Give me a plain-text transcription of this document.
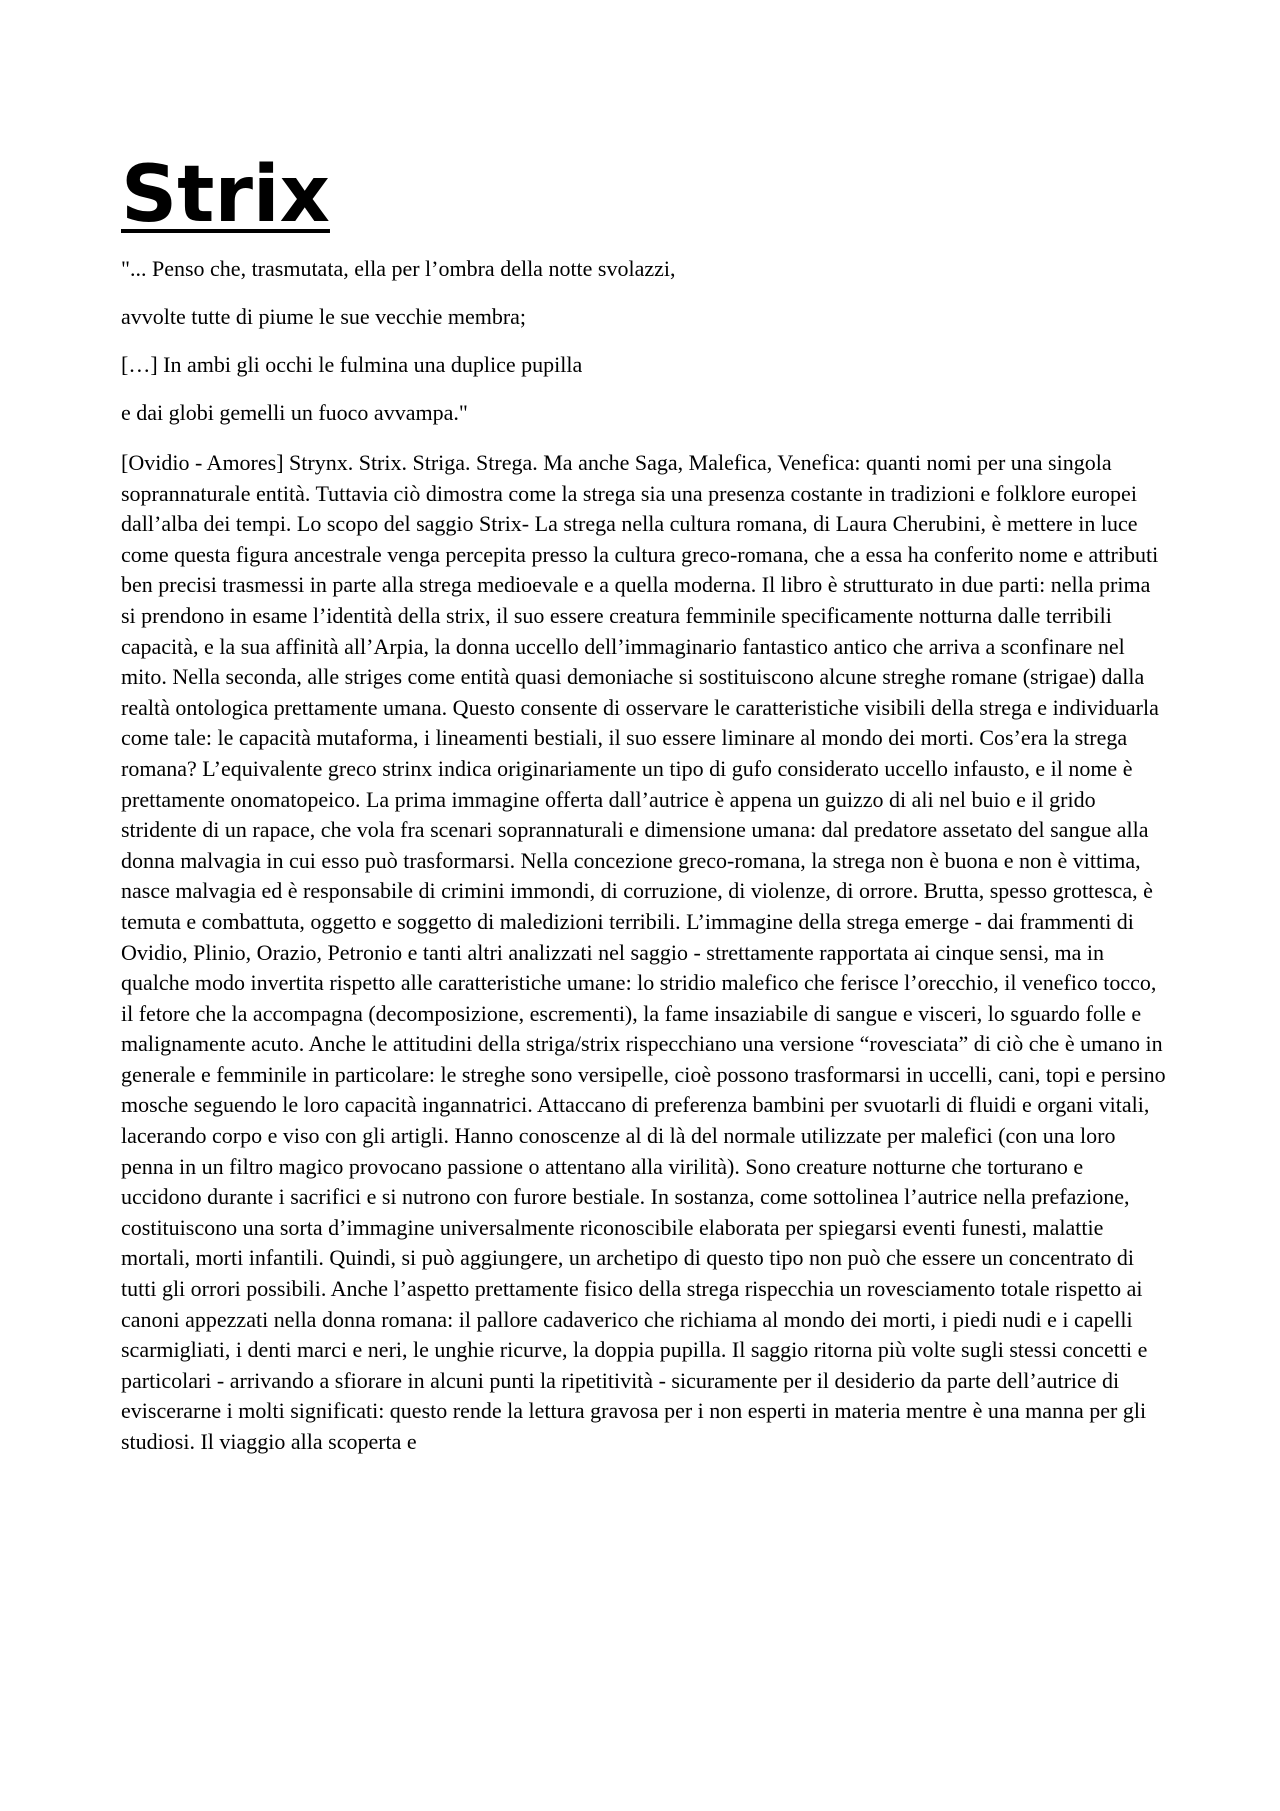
Strix

"... Penso che, trasmutata, ella per l’ombra della notte svolazzi,

avvolte tutte di piume le sue vecchie membra;

[…] In ambi gli occhi le fulmina una duplice pupilla

e dai globi gemelli un fuoco avvampa."

[Ovidio - Amores] Strynx. Strix. Striga. Strega. Ma anche Saga, Malefica, Venefica: quanti nomi per una singola soprannaturale entità. Tuttavia ciò dimostra come la strega sia una presenza costante in tradizioni e folklore europei dall’alba dei tempi. Lo scopo del saggio Strix- La strega nella cultura romana, di Laura Cherubini, è mettere in luce come questa figura ancestrale venga percepita presso la cultura greco-romana, che a essa ha conferito nome e attributi ben precisi trasmessi in parte alla strega medioevale e a quella moderna. Il libro è strutturato in due parti: nella prima si prendono in esame l’identità della strix, il suo essere creatura femminile specificamente notturna dalle terribili capacità, e la sua affinità all’Arpia, la donna uccello dell’immaginario fantastico antico che arriva a sconfinare nel mito. Nella seconda, alle striges come entità quasi demoniache si sostituiscono alcune streghe romane (strigae) dalla realtà ontologica prettamente umana. Questo consente di osservare le caratteristiche visibili della strega e individuarla come tale: le capacità mutaforma, i lineamenti bestiali, il suo essere liminare al mondo dei morti. Cos’era la strega romana? L’equivalente greco strinx indica originariamente un tipo di gufo considerato uccello infausto, e il nome è prettamente onomatopeico. La prima immagine offerta dall’autrice è appena un guizzo di ali nel buio e il grido stridente di un rapace, che vola fra scenari soprannaturali e dimensione umana: dal predatore assetato del sangue alla donna malvagia in cui esso può trasformarsi. Nella concezione greco-romana, la strega non è buona e non è vittima, nasce malvagia ed è responsabile di crimini immondi, di corruzione, di violenze, di orrore. Brutta, spesso grottesca, è temuta e combattuta, oggetto e soggetto di maledizioni terribili. L’immagine della strega emerge - dai frammenti di Ovidio, Plinio, Orazio, Petronio e tanti altri analizzati nel saggio - strettamente rapportata ai cinque sensi, ma in qualche modo invertita rispetto alle caratteristiche umane: lo stridio malefico che ferisce l’orecchio, il venefico tocco, il fetore che la accompagna (decomposizione, escrementi), la fame insaziabile di sangue e visceri, lo sguardo folle e malignamente acuto. Anche le attitudini della striga/strix rispecchiano una versione “rovesciata” di ciò che è umano in generale e femminile in particolare: le streghe sono versipelle, cioè possono trasformarsi in uccelli, cani, topi e persino mosche seguendo le loro capacità ingannatrici. Attaccano di preferenza bambini per svuotarli di fluidi e organi vitali, lacerando corpo e viso con gli artigli. Hanno conoscenze al di là del normale utilizzate per malefici (con una loro penna in un filtro magico provocano passione o attentano alla virilità). Sono creature notturne che torturano e uccidono durante i sacrifici e si nutrono con furore bestiale. In sostanza, come sottolinea l’autrice nella prefazione, costituiscono una sorta d’immagine universalmente riconoscibile elaborata per spiegarsi eventi funesti, malattie mortali, morti infantili. Quindi, si può aggiungere, un archetipo di questo tipo non può che essere un concentrato di tutti gli orrori possibili. Anche l’aspetto prettamente fisico della strega rispecchia un rovesciamento totale rispetto ai canoni appezzati nella donna romana: il pallore cadaverico che richiama al mondo dei morti, i piedi nudi e i capelli scarmigliati, i denti marci e neri, le unghie ricurve, la doppia pupilla. Il saggio ritorna più volte sugli stessi concetti e particolari - arrivando a sfiorare in alcuni punti la ripetitività - sicuramente per il desiderio da parte dell’autrice di eviscerarne i molti significati: questo rende la lettura gravosa per i non esperti in materia mentre è una manna per gli studiosi. Il viaggio alla scoperta e
